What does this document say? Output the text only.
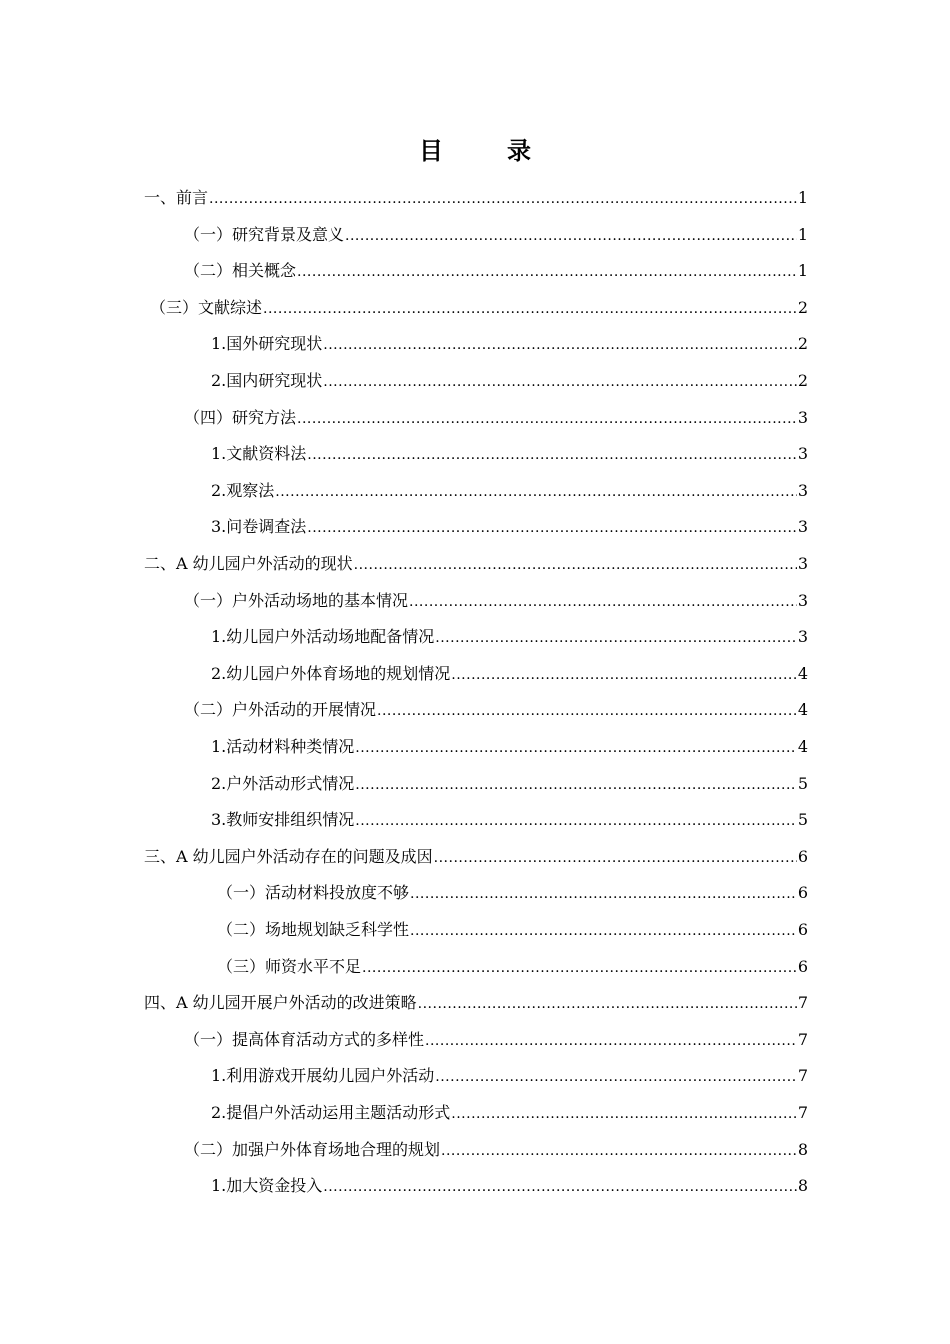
目　录
一、前言 .....	1
（一）研究背景及意义 .....	1
（二）相关概念 .....	1
（三）文献综述 .....	2
1.国外研究现状 .....	2
2.国内研究现状 .....	2
（四）研究方法 .....	3
1.文献资料法 .....	3
2.观察法 .....	3
3.问卷调查法 .....	3
二、A 幼儿园户外活动的现状 .....	3
（一）户外活动场地的基本情况 .....	3
1.幼儿园户外活动场地配备情况 .....	3
2.幼儿园户外体育场地的规划情况 .....	4
（二）户外活动的开展情况 .....	4
1.活动材料种类情况 .....	4
2.户外活动形式情况 .....	5
3.教师安排组织情况 .....	5
三、A 幼儿园户外活动存在的问题及成因 .....	6
（一）活动材料投放度不够 .....	6
（二）场地规划缺乏科学性 .....	6
（三）师资水平不足 .....	6
四、A 幼儿园开展户外活动的改进策略 .....	7
（一）提高体育活动方式的多样性 .....	7
1.利用游戏开展幼儿园户外活动 .....	7
2.提倡户外活动运用主题活动形式 .....	7
（二）加强户外体育场地合理的规划 .....	8
1.加大资金投入 .....	8
